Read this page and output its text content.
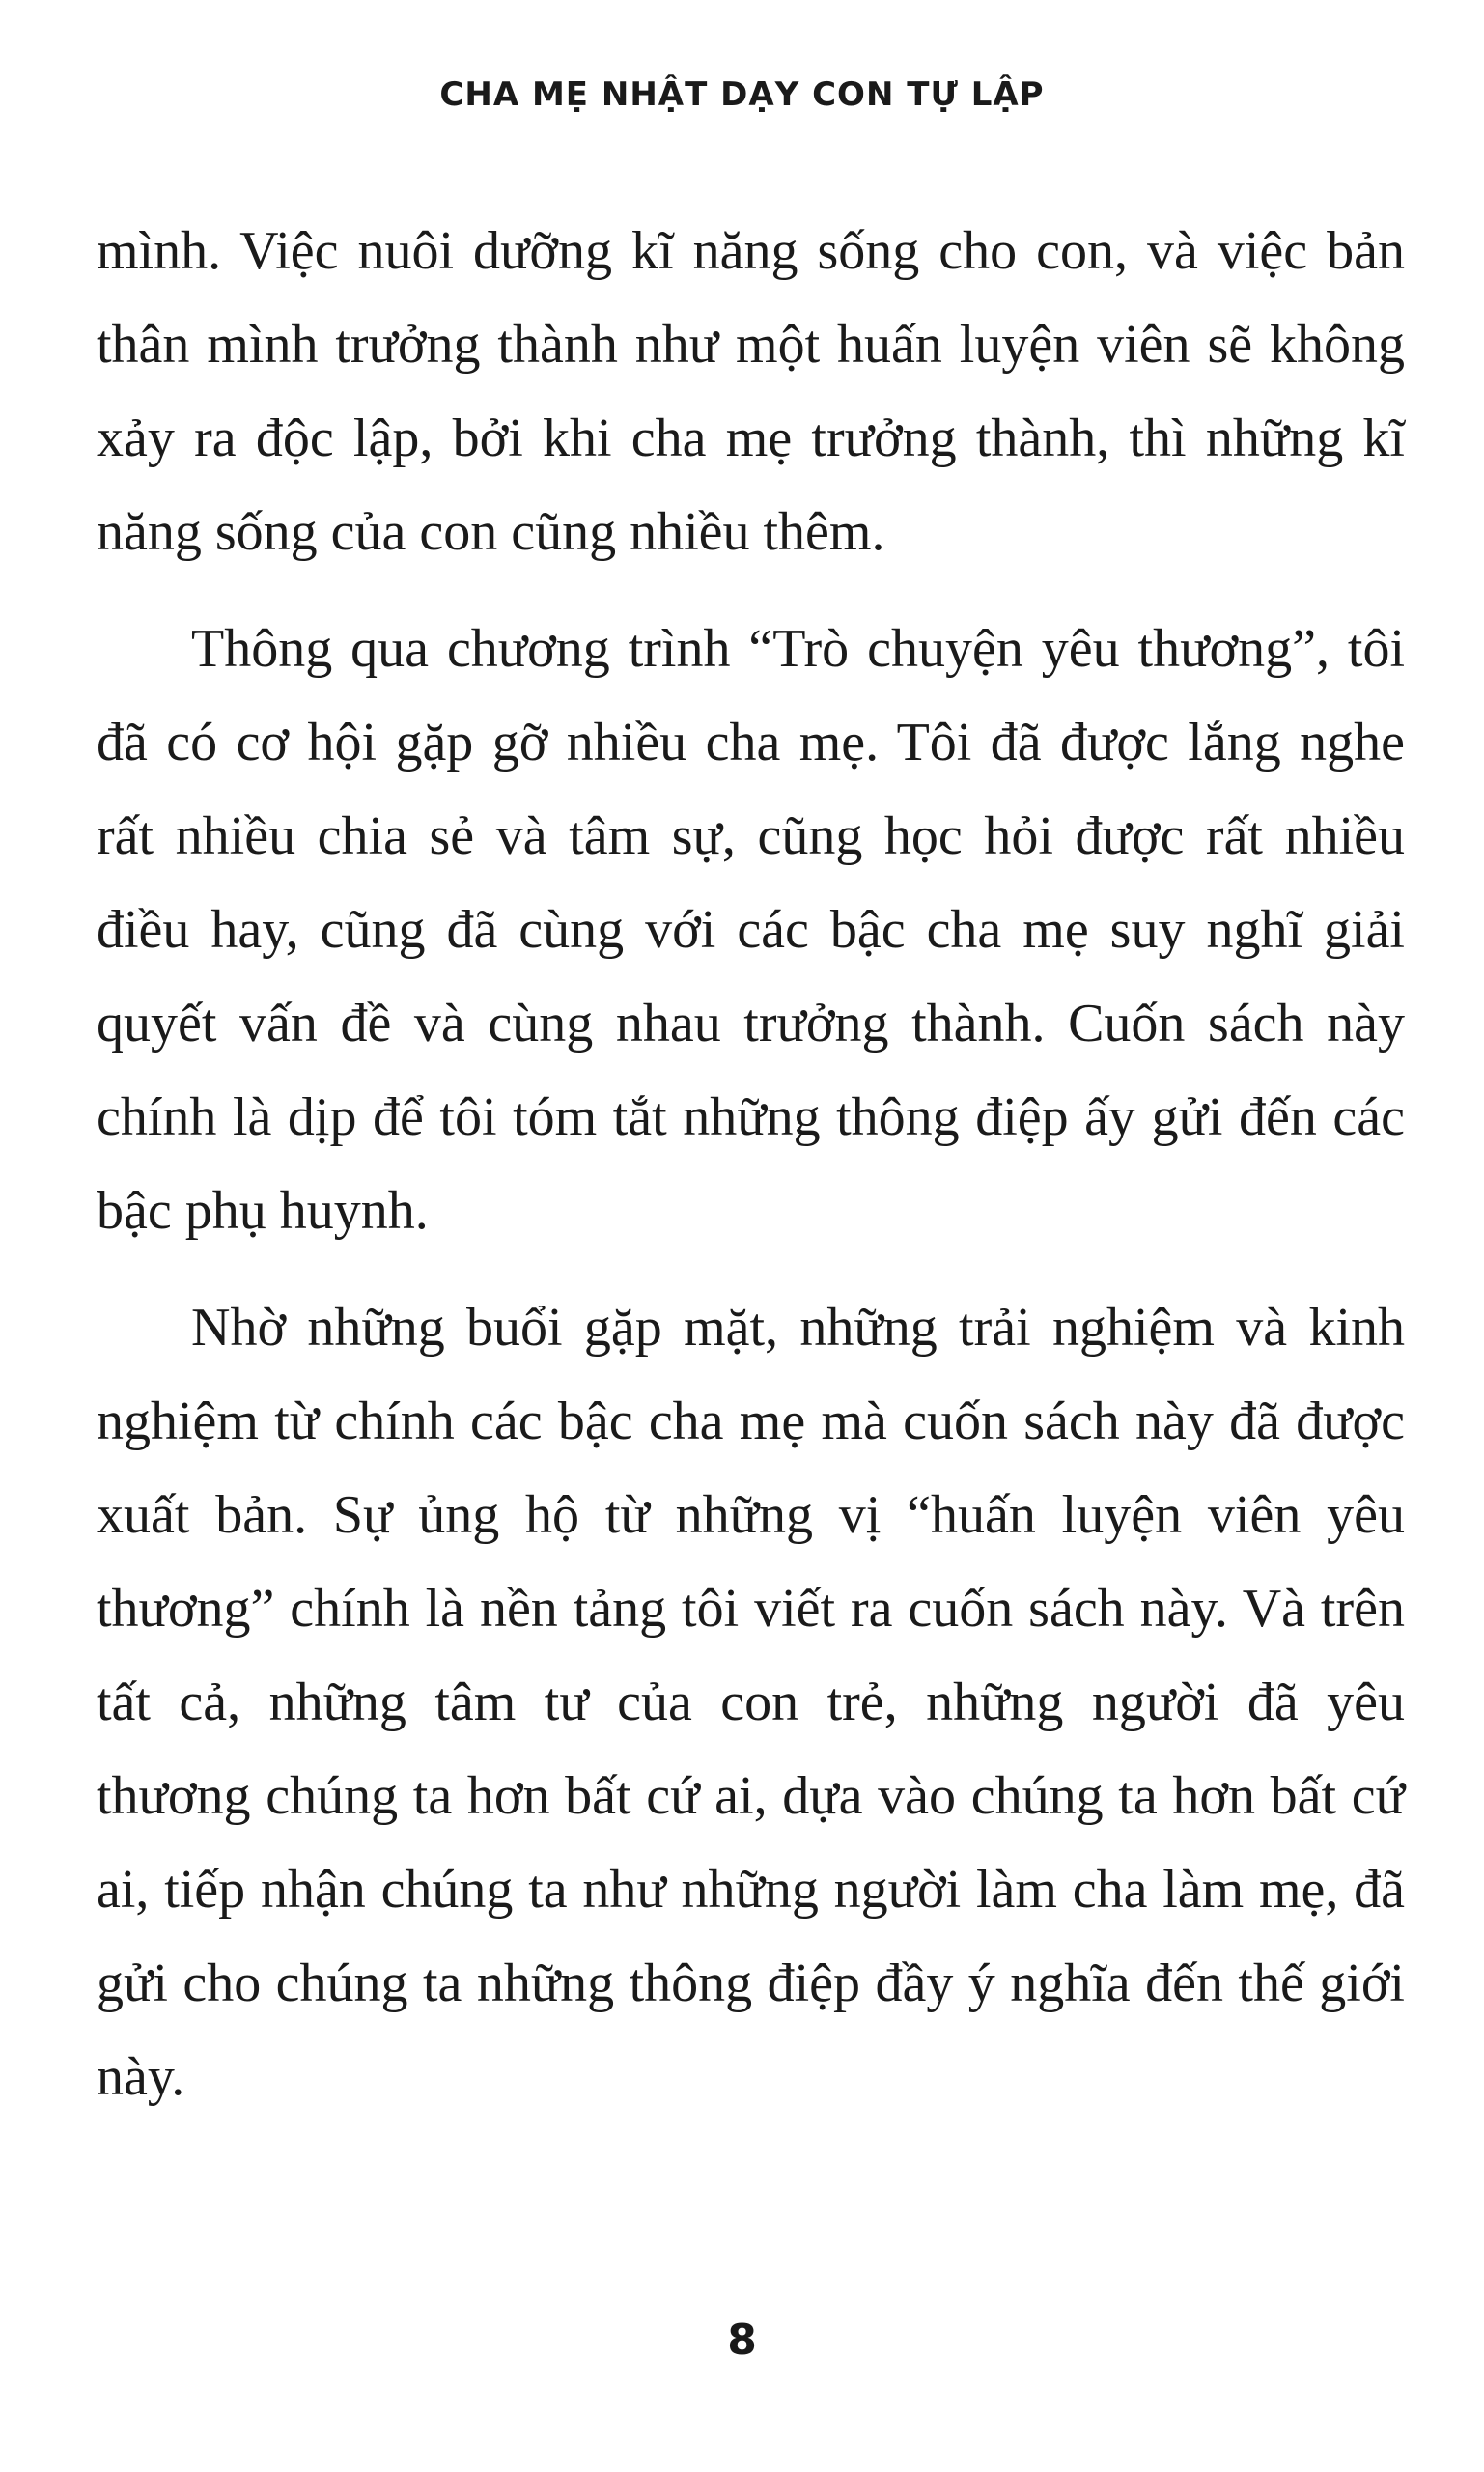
CHA MẸ NHẬT DẠY CON TỰ LẬP

mình. Việc nuôi dưỡng kĩ năng sống cho con, và việc bản thân mình trưởng thành như một huấn luyện viên sẽ không xảy ra độc lập, bởi khi cha mẹ trưởng thành, thì những kĩ năng sống của con cũng nhiều thêm.

Thông qua chương trình “Trò chuyện yêu thương”, tôi đã có cơ hội gặp gỡ nhiều cha mẹ. Tôi đã được lắng nghe rất nhiều chia sẻ và tâm sự, cũng học hỏi được rất nhiều điều hay, cũng đã cùng với các bậc cha mẹ suy nghĩ giải quyết vấn đề và cùng nhau trưởng thành. Cuốn sách này chính là dịp để tôi tóm tắt những thông điệp ấy gửi đến các bậc phụ huynh.

Nhờ những buổi gặp mặt, những trải nghiệm và kinh nghiệm từ chính các bậc cha mẹ mà cuốn sách này đã được xuất bản. Sự ủng hộ từ những vị “huấn luyện viên yêu thương” chính là nền tảng tôi viết ra cuốn sách này. Và trên tất cả, những tâm tư của con trẻ, những người đã yêu thương chúng ta hơn bất cứ ai, dựa vào chúng ta hơn bất cứ ai, tiếp nhận chúng ta như những người làm cha làm mẹ, đã gửi cho chúng ta những thông điệp đầy ý nghĩa đến thế giới này.

8
